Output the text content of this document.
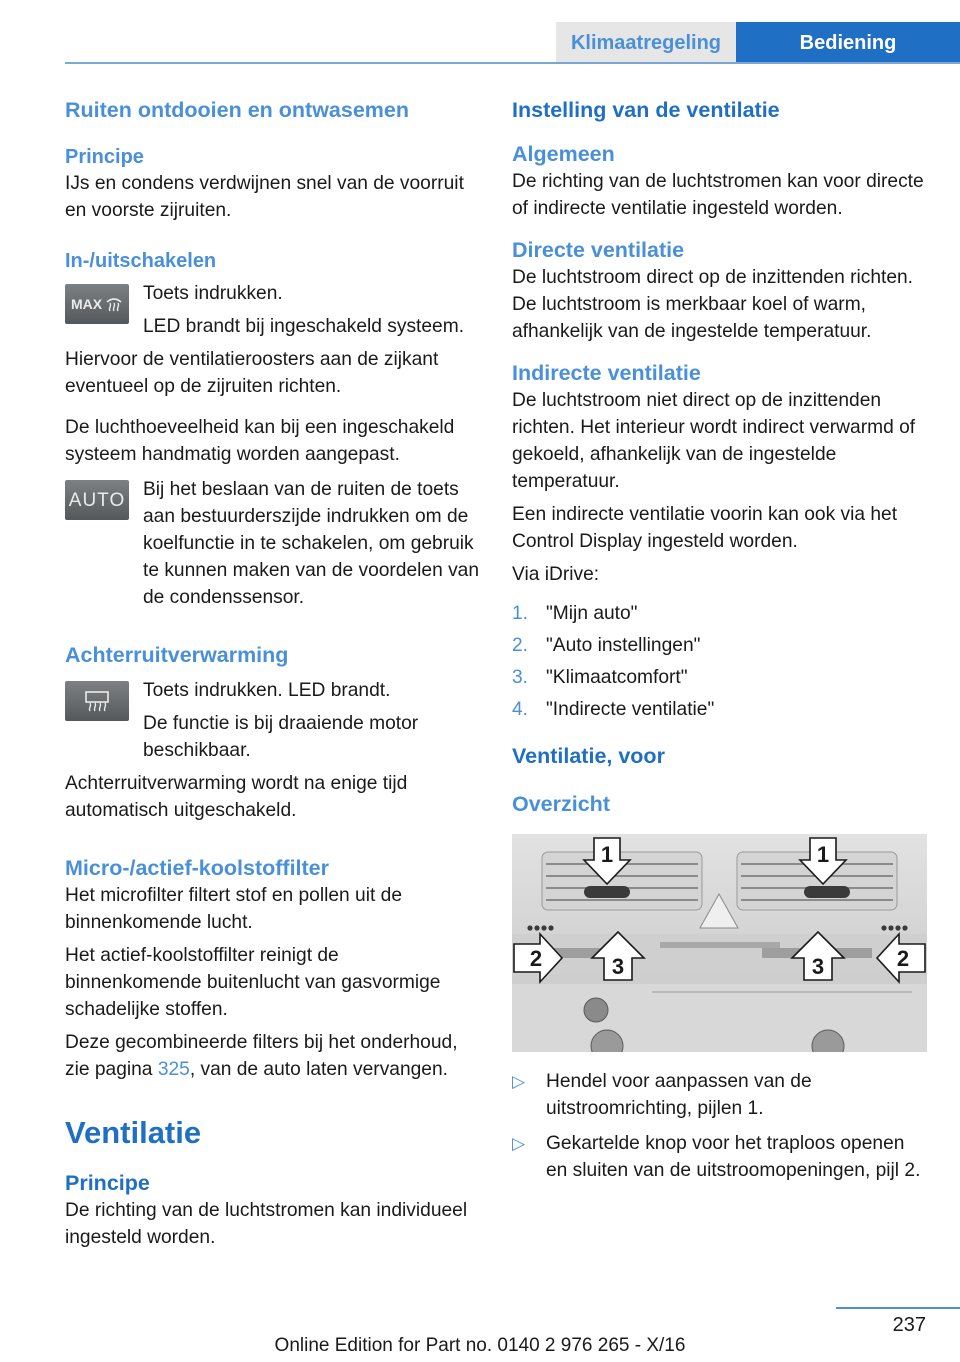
Klimaatregeling	Bediening
Ruiten ontdooien en ontwasemen
Principe

IJs en condens verdwijnen snel van de voorruit en voorste zijruiten.

In-/uitschakelen
MAX Toets indrukken.

LED brandt bij ingeschakeld systeem.

Hiervoor de ventilatieroosters aan de zijkant eventueel op de zijruiten richten.

De luchthoeveelheid kan bij een ingeschakeld systeem handmatig worden aangepast.

AUTO Bij het beslaan van de ruiten de toets aan bestuurderszijde indrukken om de koelfunctie in te schakelen, om gebruik te kunnen maken van de voordelen van de condenssensor.

Achterruitverwarming

Toets indrukken. LED brandt.

De functie is bij draaiende motor beschikbaar.

Achterruitverwarming wordt na enige tijd automatisch uitgeschakeld.

Micro-/actief-koolstoffilter

Het microfilter filtert stof en pollen uit de binnenkomende lucht.

Het actief-koolstoffilter reinigt de binnenkomende buitenlucht van gasvormige schadelijke stoffen.

Deze gecombineerde filters bij het onderhoud, zie pagina 325, van de auto laten vervangen.

Ventilatie
Principe

De richting van de luchtstromen kan individueel ingesteld worden.

Instelling van de ventilatie
Algemeen

De richting van de luchtstromen kan voor directe of indirecte ventilatie ingesteld worden.

Directe ventilatie

De luchtstroom direct op de inzittenden richten. De luchtstroom is merkbaar koel of warm, afhankelijk van de ingestelde temperatuur.

Indirecte ventilatie

De luchtstroom niet direct op de inzittenden richten. Het interieur wordt indirect verwarmd of gekoeld, afhankelijk van de ingestelde temperatuur.

Een indirecte ventilatie voorin kan ook via het Control Display ingesteld worden.

Via iDrive:

1. "Mijn auto"
2. "Auto instellingen"
3. "Klimaatcomfort"
4. "Indirecte ventilatie"
Ventilatie, voor
Overzicht
1	1
2	3	3	2
▷ Hendel voor aanpassen van de uitstroomrichting, pijlen 1.
▷ Gekartelde knop voor het traploos openen en sluiten van de uitstroomopeningen, pijl 2.
237
Online Edition for Part no. 0140 2 976 265 - X/16
